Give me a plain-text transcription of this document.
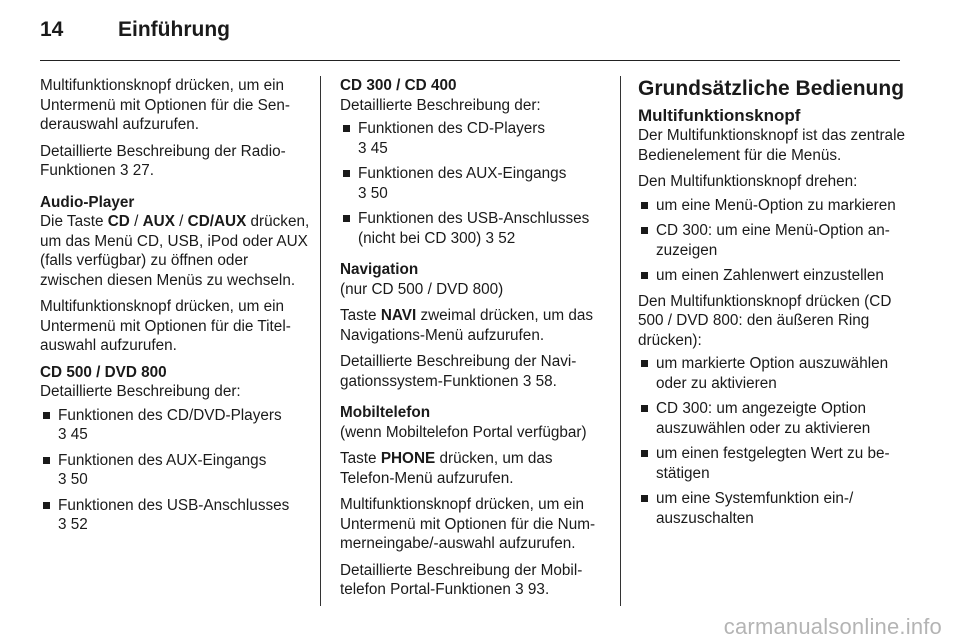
14	Einführung

Multifunktionsknopf drücken, um ein Untermenü mit Optionen für die Senderauswahl aufzurufen.

Detaillierte Beschreibung der Radio-Funktionen 3 27.

Audio-Player

Die Taste CD / AUX / CD/AUX drücken, um das Menü CD, USB, iPod oder AUX (falls verfügbar) zu öffnen oder zwischen diesen Menüs zu wechseln.

Multifunktionsknopf drücken, um ein Untermenü mit Optionen für die Titelauswahl aufzurufen.

CD 500 / DVD 800

Detaillierte Beschreibung der:

Funktionen des CD/DVD-Players
3 45
Funktionen des AUX-Eingangs
3 50
Funktionen des USB-Anschlusses
3 52

CD 300 / CD 400

Detaillierte Beschreibung der:

Funktionen des CD-Players
3 45
Funktionen des AUX-Eingangs
3 50
Funktionen des USB-Anschlusses (nicht bei CD 300) 3 52

Navigation

(nur CD 500 / DVD 800)

Taste NAVI zweimal drücken, um das Navigations-Menü aufzurufen.

Detaillierte Beschreibung der Navigationssystem-Funktionen 3 58.

Mobiltelefon

(wenn Mobiltelefon Portal verfügbar)

Taste PHONE drücken, um das Telefon-Menü aufzurufen.

Multifunktionsknopf drücken, um ein Untermenü mit Optionen für die Nummerneingabe/-auswahl aufzurufen.

Detaillierte Beschreibung der Mobiltelefon Portal-Funktionen 3 93.

Grundsätzliche Bedienung

Multifunktionsknopf

Der Multifunktionsknopf ist das zentrale Bedienelement für die Menüs.

Den Multifunktionsknopf drehen:

um eine Menü-Option zu markieren
CD 300: um eine Menü-Option anzuzeigen
um einen Zahlenwert einzustellen

Den Multifunktionsknopf drücken (CD 500 / DVD 800: den äußeren Ring drücken):

um markierte Option auszuwählen oder zu aktivieren
CD 300: um angezeigte Option auszuwählen oder zu aktivieren
um einen festgelegten Wert zu bestätigen
um eine Systemfunktion ein-/ auszuschalten
carmanualsonline.info
